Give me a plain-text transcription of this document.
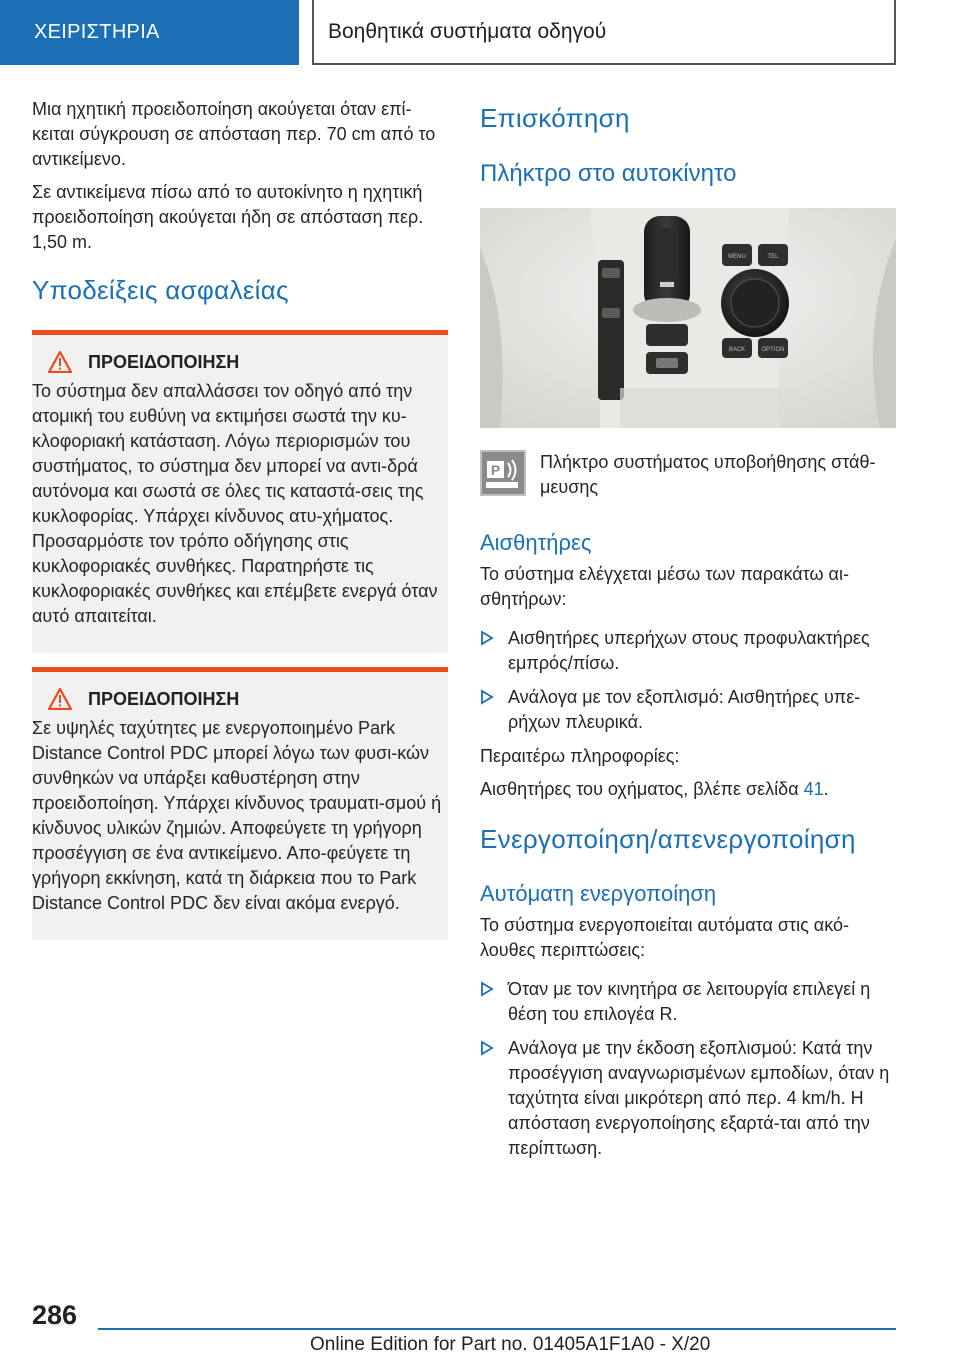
ΧΕΙΡΙΣΤΗΡΙΑ	Βοηθητικά συστήματα οδηγού

Μια ηχητική προειδοποίηση ακούγεται όταν επί-κειται σύγκρουση σε απόσταση περ. 70 cm από το αντικείμενο.

Σε αντικείμενα πίσω από το αυτοκίνητο η ηχητική προειδοποίηση ακούγεται ήδη σε απόσταση περ. 1,50 m.

Υποδείξεις ασφαλείας
ΠΡΟΕΙΔΟΠΟΙΗΣΗ
Το σύστημα δεν απαλλάσσει τον οδηγό από την ατομική του ευθύνη να εκτιμήσει σωστά την κυ-κλοφοριακή κατάσταση. Λόγω περιορισμών του συστήματος, το σύστημα δεν μπορεί να αντι-δρά αυτόνομα και σωστά σε όλες τις καταστά-σεις της κυκλοφορίας. Υπάρχει κίνδυνος ατυ-χήματος. Προσαρμόστε τον τρόπο οδήγησης στις κυκλοφοριακές συνθήκες. Παρατηρήστε τις κυκλοφοριακές συνθήκες και επέμβετε ενεργά όταν αυτό απαιτείται.
ΠΡΟΕΙΔΟΠΟΙΗΣΗ
Σε υψηλές ταχύτητες με ενεργοποιημένο Park Distance Control PDC μπορεί λόγω των φυσι-κών συνθηκών να υπάρξει καθυστέρηση στην προειδοποίηση. Υπάρχει κίνδυνος τραυματι-σμού ή κίνδυνος υλικών ζημιών. Αποφεύγετε τη γρήγορη προσέγγιση σε ένα αντικείμενο. Απο-φεύγετε τη γρήγορη εκκίνηση, κατά τη διάρκεια που το Park Distance Control PDC δεν είναι ακόμα ενεργό.
Επισκόπηση
Πλήκτρο στο αυτοκίνητο
MENU	TEL
BACK	OPTION
P Πλήκτρο συστήματος υποβοήθησης στάθ-μευσης
Αισθητήρες

Το σύστημα ελέγχεται μέσω των παρακάτω αι-σθητήρων:

Αισθητήρες υπερήχων στους προφυλακτήρες εμπρός/πίσω.
Ανάλογα με τον εξοπλισμό: Αισθητήρες υπε-ρήχων πλευρικά.

Περαιτέρω πληροφορίες:

Αισθητήρες του οχήματος, βλέπε σελίδα 41.

Ενεργοποίηση/απενεργοποίηση
Αυτόματη ενεργοποίηση

Το σύστημα ενεργοποιείται αυτόματα στις ακό-λουθες περιπτώσεις:

Όταν με τον κινητήρα σε λειτουργία επιλεγεί η θέση του επιλογέα R.
Ανάλογα με την έκδοση εξοπλισμού: Κατά την προσέγγιση αναγνωρισμένων εμποδίων, όταν η ταχύτητα είναι μικρότερη από περ. 4 km/h. Η απόσταση ενεργοποίησης εξαρτά-ται από την περίπτωση.
286
Online Edition for Part no. 01405A1F1A0 - X/20
